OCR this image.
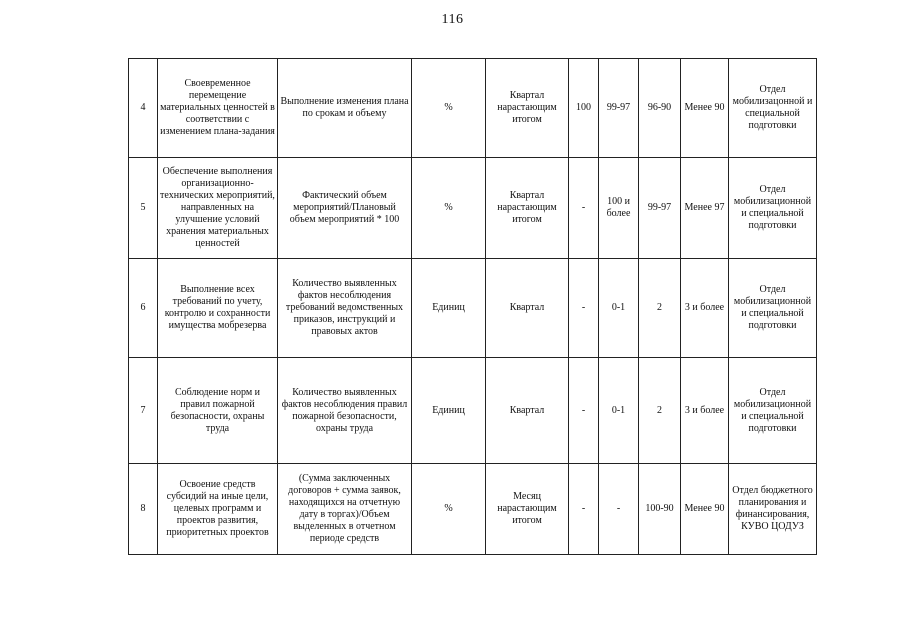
116
4	Своевременное перемещение материальных ценностей в соответствии с изменением плана-задания	Выполнение изменения плана по срокам и объему	%	Квартал нарастающим итогом	100	99-97	96-90	Менее 90	Отдел мобилизацонной и специальной подготовки
5	Обеспечение выполнения организационно-технических мероприятий, направленных на улучшение условий хранения материальных ценностей	Фактический объем мероприятий/Плановый объем мероприятий * 100	%	Квартал нарастающим итогом	-	100 и более	99-97	Менее 97	Отдел мобилизационной и специальной подготовки
6	Выполнение всех требований по учету, контролю и сохранности имущества мобрезерва	Количество выявленных фактов несоблюдения требований ведомственных приказов, инструкций и правовых актов	Единиц	Квартал	-	0-1	2	3 и более	Отдел мобилизационной и специальной подготовки
7	Соблюдение норм и правил пожарной безопасности, охраны труда	Количество выявленных фактов несоблюдения правил пожарной безопасности, охраны труда	Единиц	Квартал	-	0-1	2	3 и более	Отдел мобилизационной и специальной подготовки
8	Освоение средств субсидий на иные цели, целевых программ и проектов развития, приоритетных проектов	(Сумма заключенных договоров + сумма заявок, находящихся на отчетную дату в торгах)/Объем выделенных в отчетном периоде средств	%	Месяц нарастающим итогом	-	-	100-90	Менее 90	Отдел бюджетного планирования и финансирования, КУВО ЦОДУЗ
